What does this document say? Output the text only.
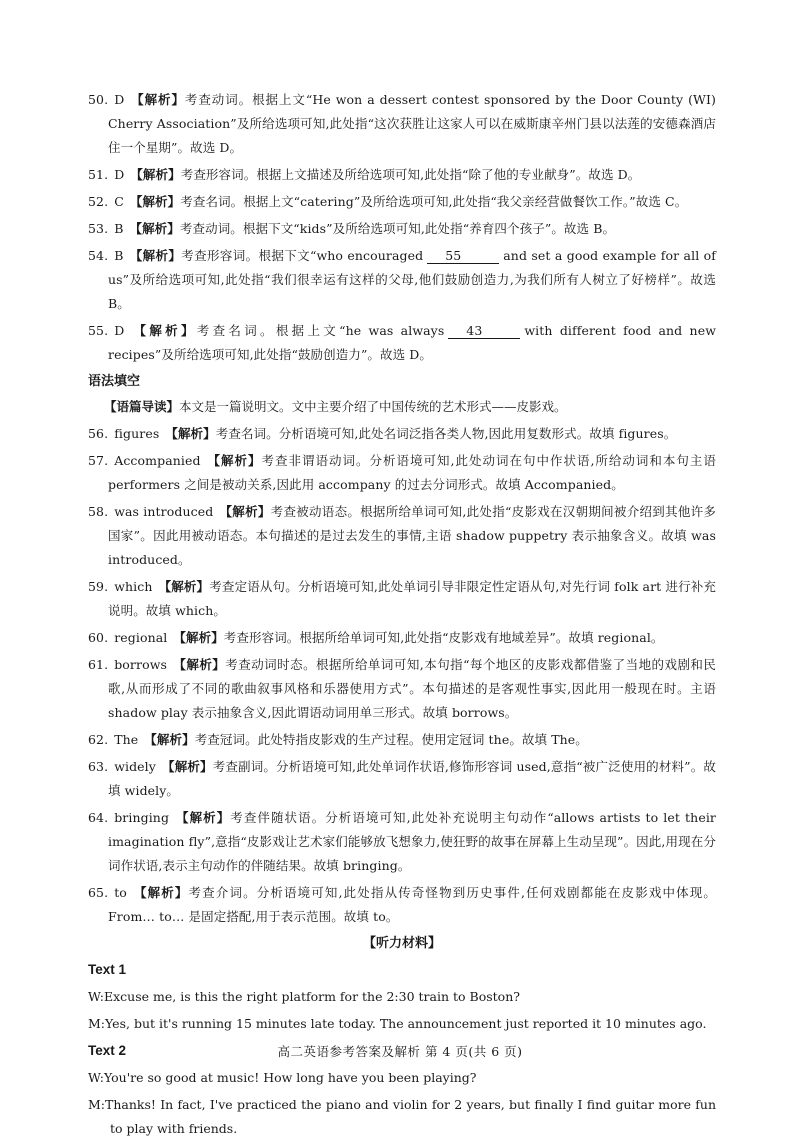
50. D 【解析】考查动词。根据上文“He won a dessert contest sponsored by the Door County (WI) Cherry Association”及所给选项可知,此处指“这次获胜让这家人可以在威斯康辛州门县以法莲的安德森酒店住一个星期”。故选 D。

51. D 【解析】考查形容词。根据上文描述及所给选项可知,此处指“除了他的专业献身”。故选 D。

52. C 【解析】考查名词。根据上文“catering”及所给选项可知,此处指“我父亲经营做餐饮工作。”故选 C。

53. B 【解析】考查动词。根据下文“kids”及所给选项可知,此处指“养育四个孩子”。故选 B。

54. B 【解析】考查形容词。根据下文“who encouraged 55	and set a good example for all of us”及所给选项可知,此处指“我们很幸运有这样的父母,他们鼓励创造力,为我们所有人树立了好榜样”。故选 B。

55. D 【解析】考查名词。根据上文“he was always 43	with different food and new recipes”及所给选项可知,此处指“鼓励创造力”。故选 D。

语法填空

【语篇导读】本文是一篇说明文。文中主要介绍了中国传统的艺术形式——皮影戏。

56. figures 【解析】考查名词。分析语境可知,此处名词泛指各类人物,因此用复数形式。故填 figures。

57. Accompanied 【解析】考查非谓语动词。分析语境可知,此处动词在句中作状语,所给动词和本句主语 performers 之间是被动关系,因此用 accompany 的过去分词形式。故填 Accompanied。

58. was introduced 【解析】考查被动语态。根据所给单词可知,此处指“皮影戏在汉朝期间被介绍到其他许多国家”。因此用被动语态。本句描述的是过去发生的事情,主语 shadow puppetry 表示抽象含义。故填 was introduced。

59. which 【解析】考查定语从句。分析语境可知,此处单词引导非限定性定语从句,对先行词 folk art 进行补充说明。故填 which。

60. regional 【解析】考查形容词。根据所给单词可知,此处指“皮影戏有地域差异”。故填 regional。

61. borrows 【解析】考查动词时态。根据所给单词可知,本句指“每个地区的皮影戏都借鉴了当地的戏剧和民歌,从而形成了不同的歌曲叙事风格和乐器使用方式”。本句描述的是客观性事实,因此用一般现在时。主语 shadow play 表示抽象含义,因此谓语动词用单三形式。故填 borrows。

62. The 【解析】考查冠词。此处特指皮影戏的生产过程。使用定冠词 the。故填 The。

63. widely 【解析】考查副词。分析语境可知,此处单词作状语,修饰形容词 used,意指“被广泛使用的材料”。故填 widely。

64. bringing 【解析】考查伴随状语。分析语境可知,此处补充说明主句动作“allows artists to let their imagination fly”,意指“皮影戏让艺术家们能够放飞想象力,使狂野的故事在屏幕上生动呈现”。因此,用现在分词作状语,表示主句动作的伴随结果。故填 bringing。

65. to 【解析】考查介词。分析语境可知,此处指从传奇怪物到历史事件,任何戏剧都能在皮影戏中体现。From… to… 是固定搭配,用于表示范围。故填 to。

【听力材料】
Text 1

W:Excuse me, is this the right platform for the 2:30 train to Boston?

M:Yes, but it's running 15 minutes late today. The announcement just reported it 10 minutes ago.

Text 2

W:You're so good at music! How long have you been playing?

M:Thanks! In fact, I've practiced the piano and violin for 2 years, but finally I find guitar more fun to play with friends.

高二英语参考答案及解析 第 4 页(共 6 页)
